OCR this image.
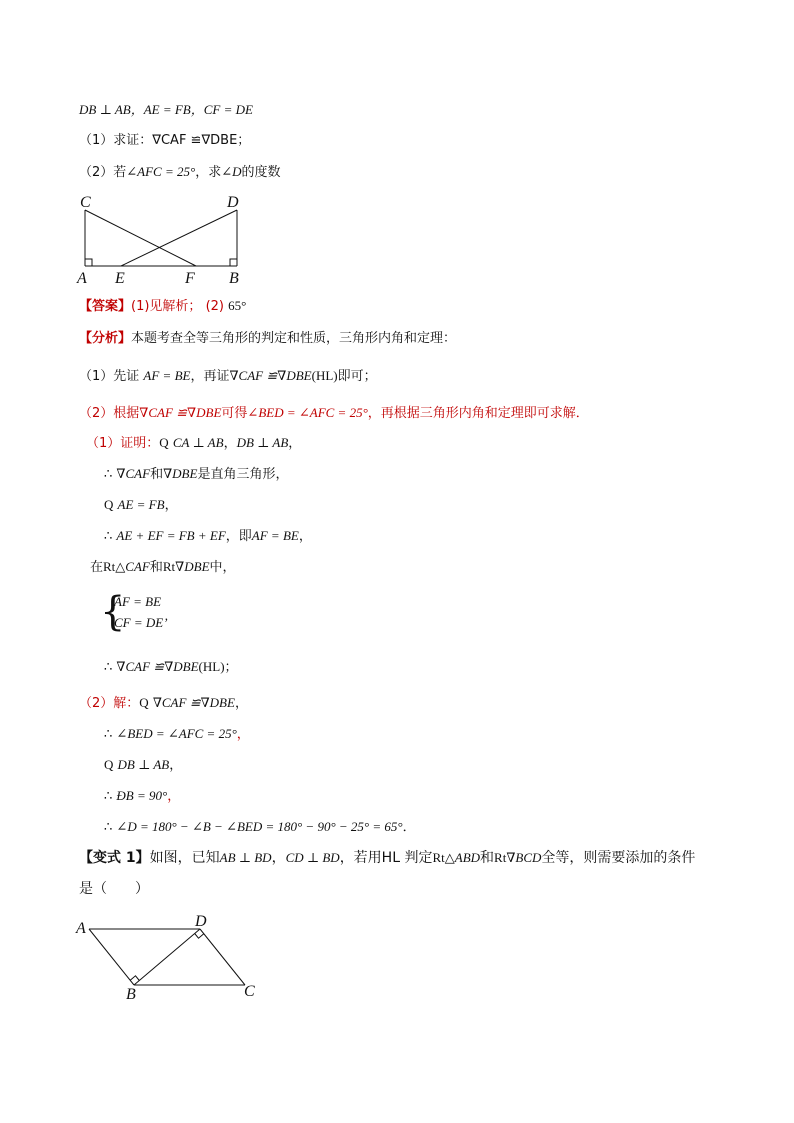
DB ⊥ AB，AE = FB，CF = DE
（1）求证：∇CAF ≌∇DBE；
（2）若∠AFC = 25°，求∠D的度数
C	D
A E	F B
【答案】(1)见解析； (2) 65°
【分析】本题考查全等三角形的判定和性质，三角形内角和定理：
（1）先证 AF = BE，再证∇CAF ≌∇DBE(HL)即可；
（2）根据∇CAF ≌∇DBE可得∠BED = ∠AFC = 25°，再根据三角形内角和定理即可求解．
（1）证明：Q CA ⊥ AB，DB ⊥ AB，
∴ ∇CAF和∇DBE是直角三角形，
Q AE = FB，
∴ AE + EF = FB + EF，即AF = BE，
在Rt△CAF和Rt∇DBE中，
{
AF = BE
CF = DE’
∴ ∇CAF ≌∇DBE(HL)；
（2）解：Q ∇CAF ≌∇DBE，
∴ ∠BED = ∠AFC = 25°，
Q DB ⊥ AB，
∴ ÐB = 90°，
∴ ∠D = 180° − ∠B − ∠BED = 180° − 90° − 25° = 65°．
【变式 1】如图，已知AB ⊥ BD，CD ⊥ BD，若用HL 判定Rt△ABD和Rt∇BCD全等，则需要添加的条件
是（　　）
A	D
B	C
